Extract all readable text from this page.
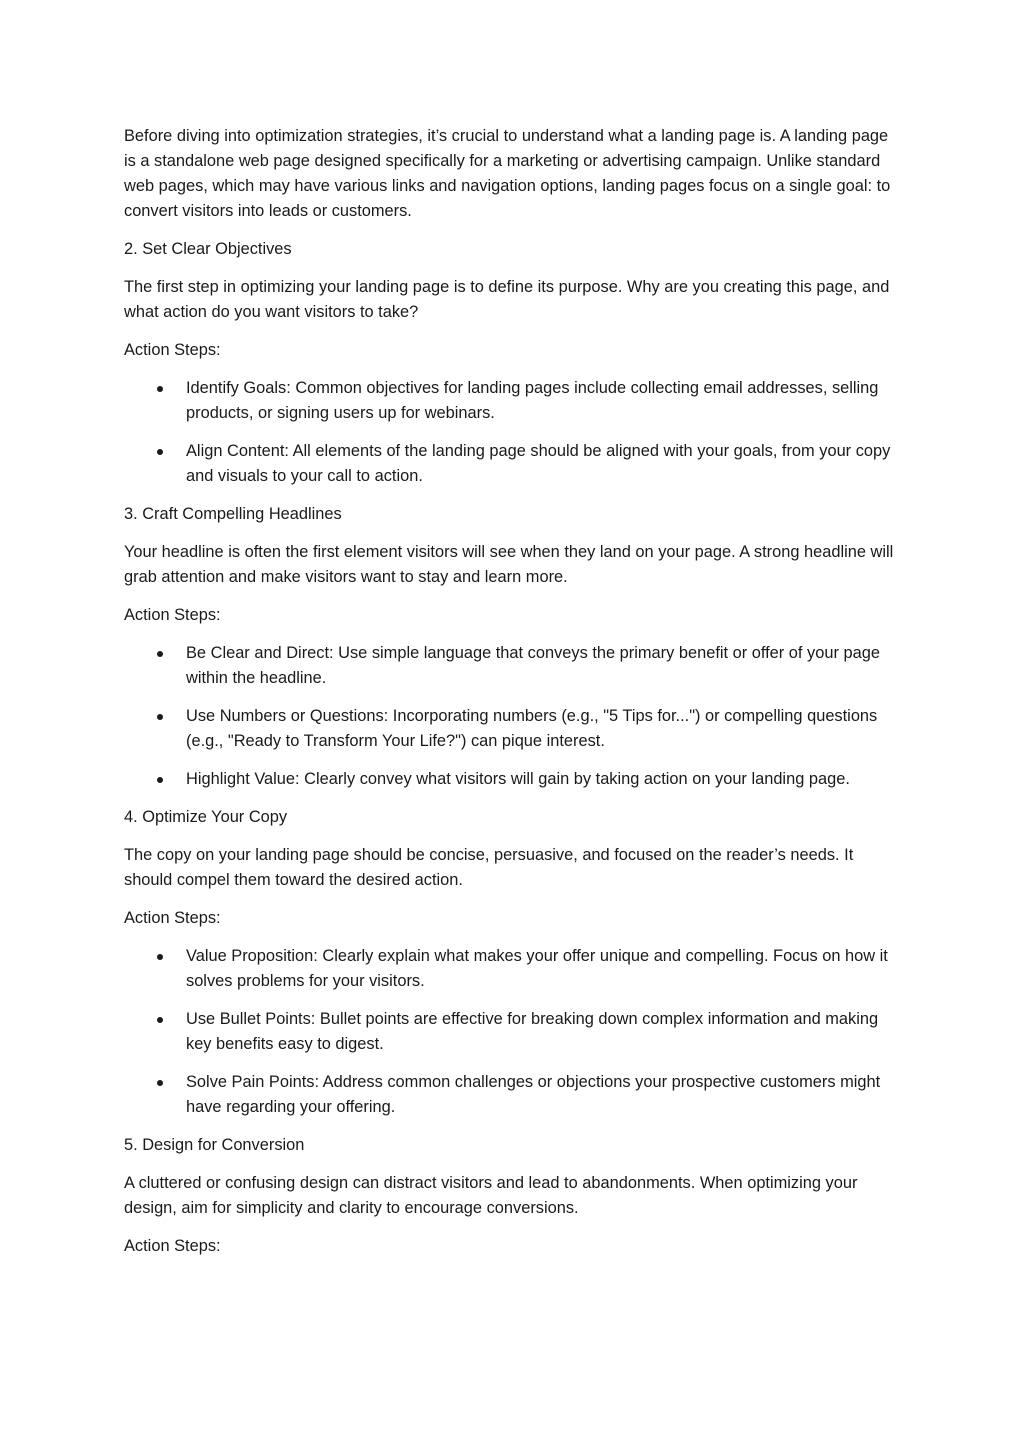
Before diving into optimization strategies, it’s crucial to understand what a landing page is. A landing page is a standalone web page designed specifically for a marketing or advertising campaign. Unlike standard web pages, which may have various links and navigation options, landing pages focus on a single goal: to convert visitors into leads or customers.

2. Set Clear Objectives

The first step in optimizing your landing page is to define its purpose. Why are you creating this page, and what action do you want visitors to take?

Action Steps:

Identify Goals: Common objectives for landing pages include collecting email addresses, selling products, or signing users up for webinars.
Align Content: All elements of the landing page should be aligned with your goals, from your copy and visuals to your call to action.

3. Craft Compelling Headlines

Your headline is often the first element visitors will see when they land on your page. A strong headline will grab attention and make visitors want to stay and learn more.

Action Steps:

Be Clear and Direct: Use simple language that conveys the primary benefit or offer of your page within the headline.
Use Numbers or Questions: Incorporating numbers (e.g., "5 Tips for...") or compelling questions (e.g., "Ready to Transform Your Life?") can pique interest.
Highlight Value: Clearly convey what visitors will gain by taking action on your landing page.

4. Optimize Your Copy

The copy on your landing page should be concise, persuasive, and focused on the reader’s needs. It should compel them toward the desired action.

Action Steps:

Value Proposition: Clearly explain what makes your offer unique and compelling. Focus on how it solves problems for your visitors.
Use Bullet Points: Bullet points are effective for breaking down complex information and making key benefits easy to digest.
Solve Pain Points: Address common challenges or objections your prospective customers might have regarding your offering.

5. Design for Conversion

A cluttered or confusing design can distract visitors and lead to abandonments. When optimizing your design, aim for simplicity and clarity to encourage conversions.

Action Steps:
